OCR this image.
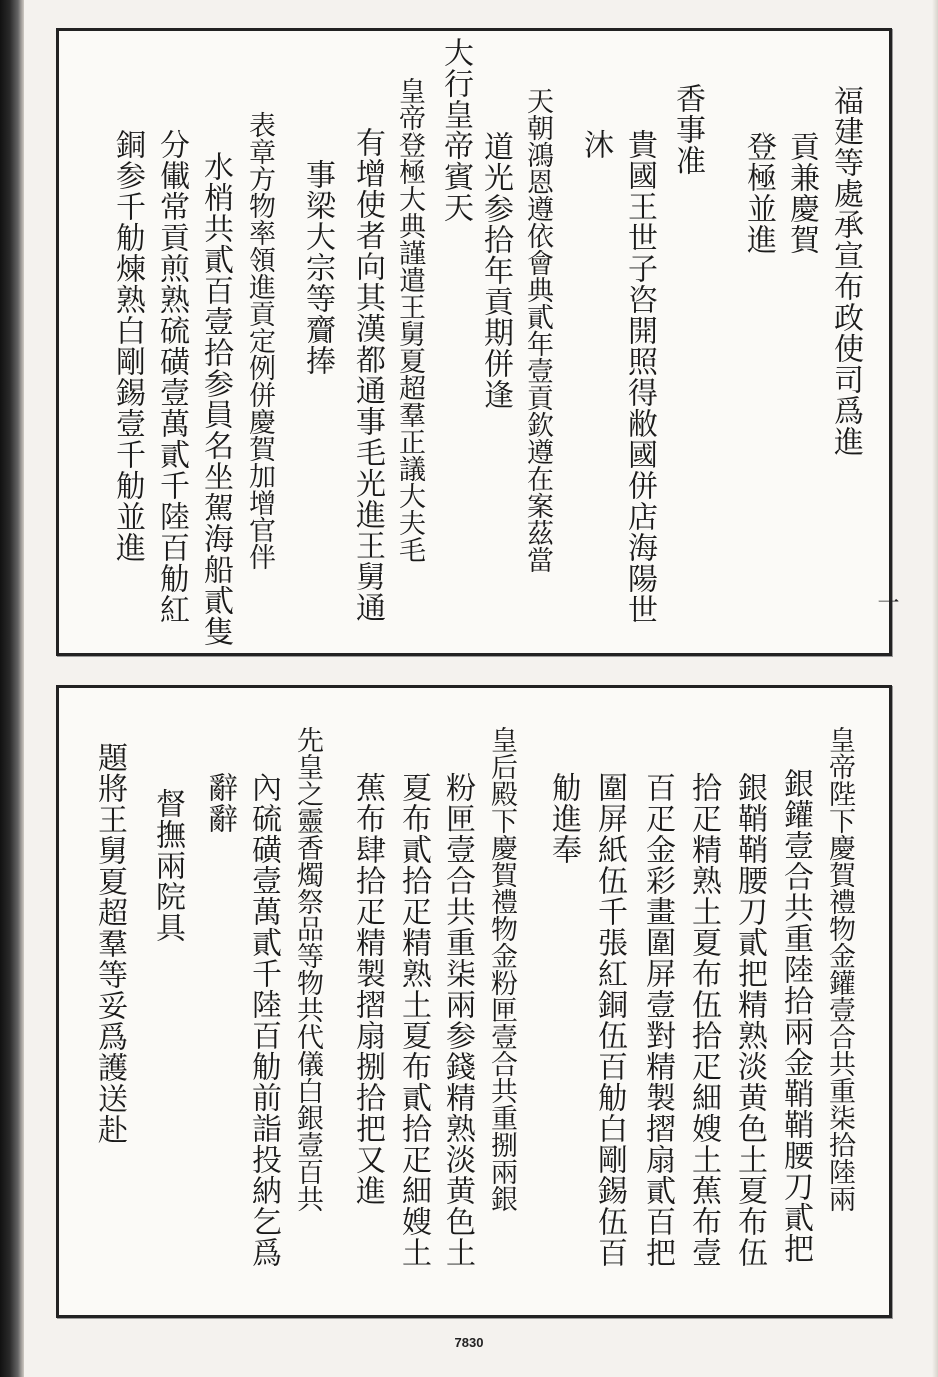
福建等處承宣布政使司爲進
貢兼慶賀
登極並進
香事准
貴國王世子咨開照得敝國併店海陽世
沐
天朝鴻恩遵依會典貳年壹貢欽遵在案茲當
道光参拾年貢期併逢
大行皇帝賓天
皇帝登極大典謹遣王舅夏超羣正議大夫毛
有增使者向其漢都通事毛光進王舅通
事梁大宗等齎捧
表章方物率領進貢定例併慶賀加增官伴
水梢共貳百壹拾参員名坐駕海船貳隻
分儎常貢煎熟硫磺壹萬貳千陸百觔紅
銅参千觔煉熟白剛錫壹千觔並進
一
皇帝陛下慶賀禮物金鑵壹合共重柒拾陸兩
銀鑵壹合共重陸拾兩金鞘鞘腰刀貳把
銀鞘鞘腰刀貳把精熟淡黄色土夏布伍
拾疋精熟土夏布伍拾疋細嫂土蕉布壹
百疋金彩畫圍屏壹對精製摺扇貳百把
圍屏紙伍千張紅銅伍百觔白剛錫伍百
觔進奉
皇后殿下慶賀禮物金粉匣壹合共重捌兩銀
粉匣壹合共重柒兩参錢精熟淡黄色土
夏布貳拾疋精熟土夏布貳拾疋細嫂土
蕉布肆拾疋精製摺扇捌拾把又進
先皇之靈香燭祭品等物共代儀白銀壹百共
內硫磺壹萬貳千陸百觔前詣投納乞爲
辭辭
督撫兩院具
題將王舅夏超羣等妥爲護送赴
7830
